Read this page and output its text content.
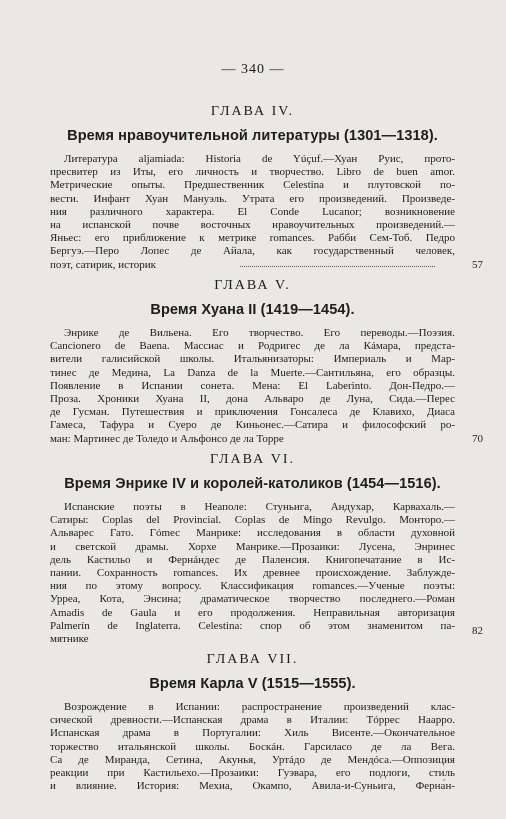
— 340 —
ГЛАВА IV.
Время нравоучительной литературы (1301—1318).
Литература aljamiada: Historia de Yúçuf.—Хуан Руис, прото-
пресвитер из Иты, его личность и творчество. Libro de buen amor.
Метрические опыты. Предшественник Celestina и плутовской по-
вести. Инфант Хуан Мануэль. Утрата его произведений. Произведе-
ния различного характера. El Conde Lucanor; возникновение
на испанской почве восточных нравоучительных произведений.—
Яньес: его приближение к метрике romances. Рабби Сем-Тоб. Педро
Бергуэ.—Перо Лопес де Айала, как государственный человек,
поэт, сатирик, историк	57
ГЛАВА V.
Время Хуана II (1419—1454).
Энрике де Вильена. Его творчество. Его переводы.—Поэзия.
Cancionero de Baena. Массиас и Родригес де ла Кáмара, предста-
вители галисийской школы. Итальянизаторы: Империаль и Мар-
тинес де Медина, La Danza de la Muerte.—Сантильяна, его образцы.
Появление в Испании сонета. Мена: El Laberinto. Дон-Педро.—
Проза. Хроники Хуана II, дона Альваро де Луна, Сида.—Перес
де Гусман. Путешествия и приключения Гонсалеса де Клавихо, Диаса
Гамеса, Тафура и Суеро де Киньонес.—Сатира и философский ро-
ман: Мартинес де Толедо и Альфонсо де ла Торре	70
ГЛАВА VI.
Время Энрике IV и королей-католиков (1454—1516).
Испанские поэты в Неаполе: Стуньига, Андухар, Карвахаль.—
Сатиры: Coplas del Provincial. Coplas de Mingo Revulgo. Монторо.—
Альварес Гато. Гómес Манрике: исследования в области духовной
и светской драмы. Хорхе Манрике.—Прозаики: Лусена, Энринес
дель Кастильо и Фернáндес де Паленсия. Книгопечатание в Ис-
пании. Сохранность romances. Их древнее происхождение. Заблужде-
ния по этому вопросу. Классификация romances.—Ученые поэты:
Уррea, Кота, Энсина; драматическое творчество последнего.—Роман
Amadis de Gaula и его продолжения. Неправильная авторизация
Palmerín de Inglaterra. Celestina: спор об этом знаменитом па-
мятнике
82
ГЛАВА VII.
Время Карла V (1515—1555).
Возрождение в Испании: распространение произведений клас-
сической древности.—Испанская драма в Италии: Тóррес Наарро.
Испанская драма в Португалии: Хиль Висенте.—Окончательное
торжество итальянской школы. Боскáн. Гарсиласо де ла Вега.
Са де Миранда, Сетина, Акунья, Уртáдо де Мендóса.—Оппозиция
реакции при Кастильехо.—Прозаики: Гуэвара, его подлоги, стиль
и влияние. История: Мехиа, Окампо, Авила-и-Суньига, Ферна́н-
